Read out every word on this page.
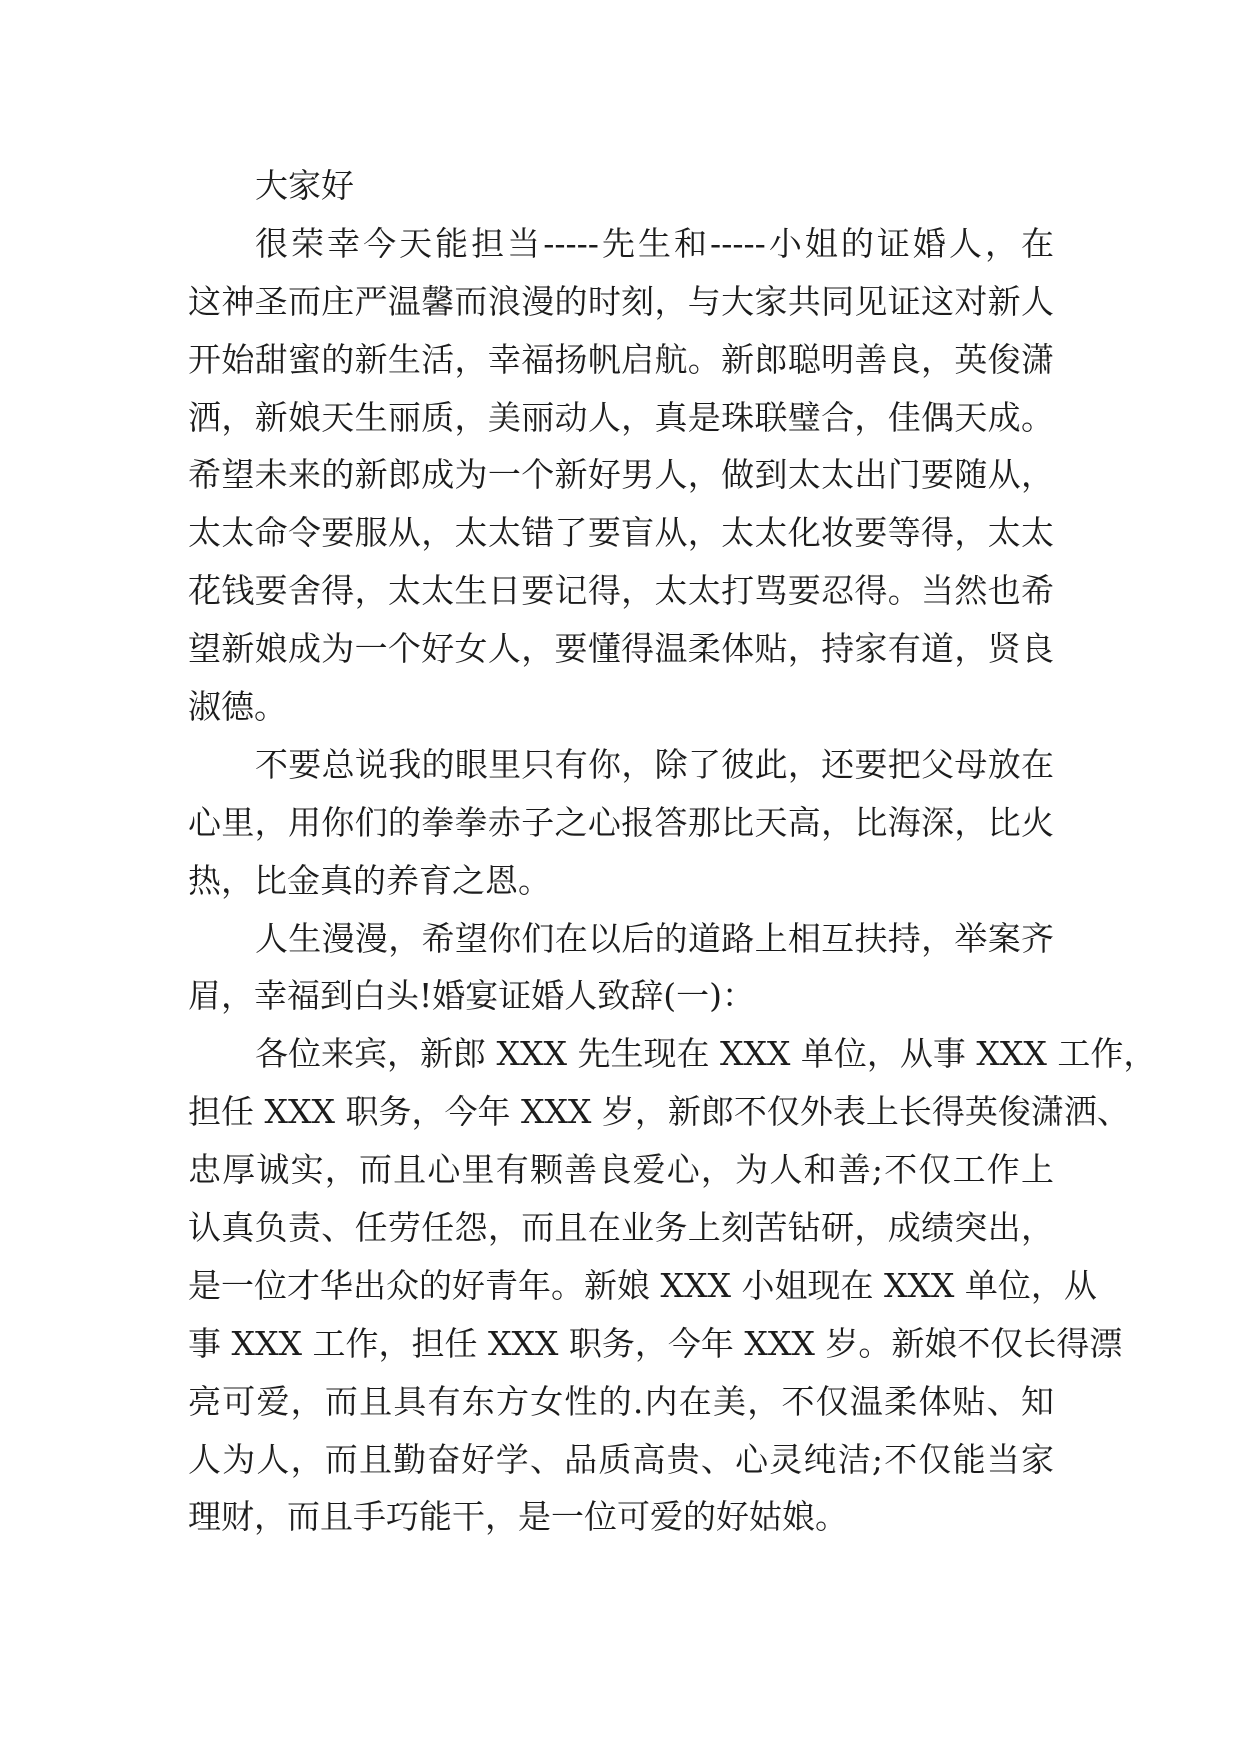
大家好
很荣幸今天能担当-----先生和-----小姐的证婚人，在
这神圣而庄严温馨而浪漫的时刻，与大家共同见证这对新人
开始甜蜜的新生活，幸福扬帆启航。新郎聪明善良，英俊潇
洒，新娘天生丽质，美丽动人，真是珠联璧合，佳偶天成。
希望未来的新郎成为一个新好男人，做到太太出门要随从，
太太命令要服从，太太错了要盲从，太太化妆要等得，太太
花钱要舍得，太太生日要记得，太太打骂要忍得。当然也希
望新娘成为一个好女人，要懂得温柔体贴，持家有道，贤良
淑德。
不要总说我的眼里只有你，除了彼此，还要把父母放在
心里，用你们的拳拳赤子之心报答那比天高，比海深，比火
热，比金真的养育之恩。
人生漫漫，希望你们在以后的道路上相互扶持，举案齐
眉，幸福到白头!婚宴证婚人致辞(一)：
各位来宾，新郎 XXX 先生现在 XXX 单位，从事 XXX 工作，
担任 XXX 职务，今年 XXX 岁，新郎不仅外表上长得英俊潇洒、
忠厚诚实，而且心里有颗善良爱心，为人和善;不仅工作上
认真负责、任劳任怨，而且在业务上刻苦钻研，成绩突出，
是一位才华出众的好青年。新娘 XXX 小姐现在 XXX 单位，从
事 XXX 工作，担任 XXX 职务，今年 XXX 岁。新娘不仅长得漂
亮可爱，而且具有东方女性的.内在美，不仅温柔体贴、知
人为人，而且勤奋好学、品质高贵、心灵纯洁;不仅能当家
理财，而且手巧能干，是一位可爱的好姑娘。
